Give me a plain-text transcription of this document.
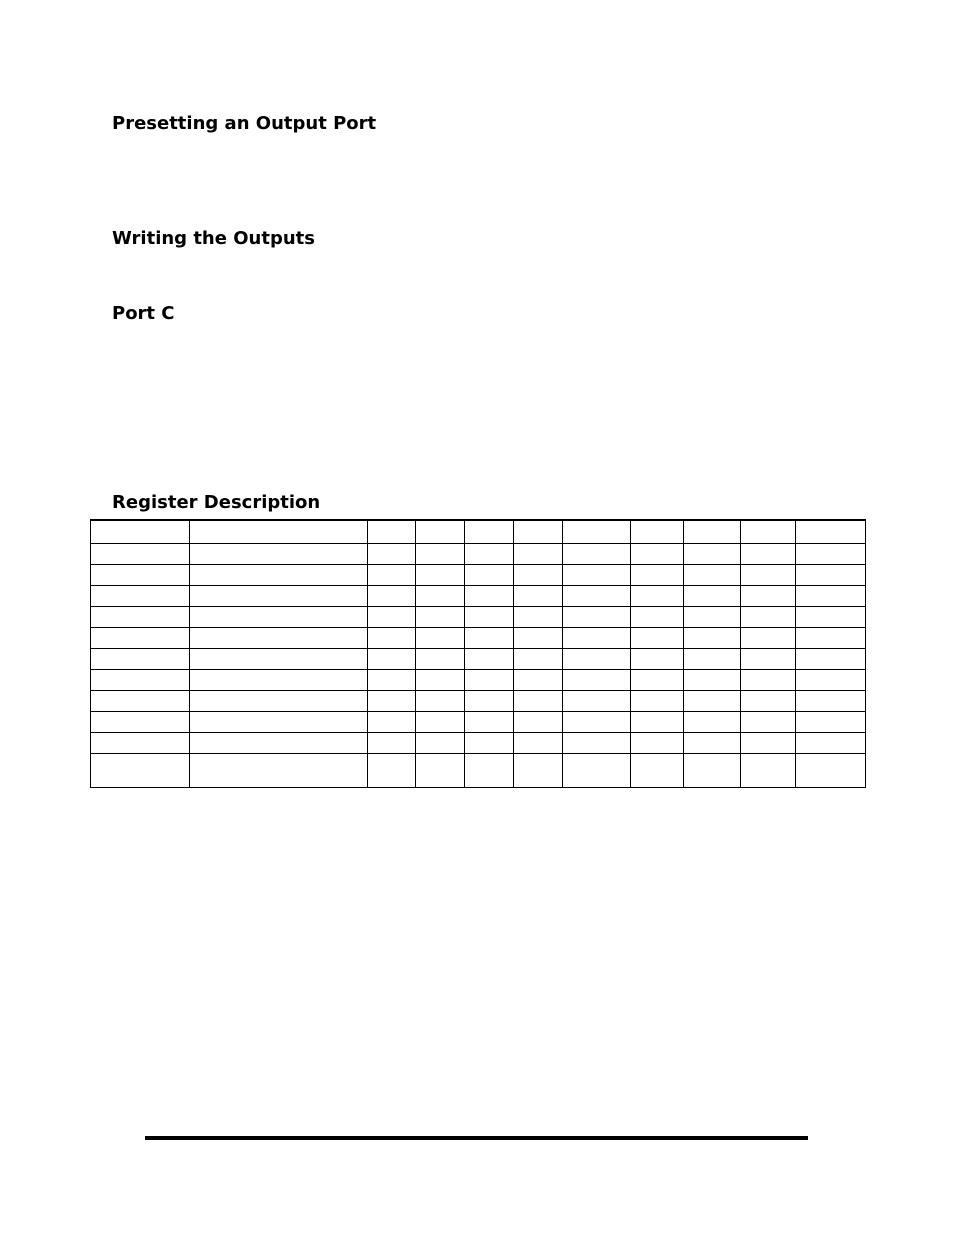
Presetting an Output Port
Writing the Outputs
Port C
Register Description
